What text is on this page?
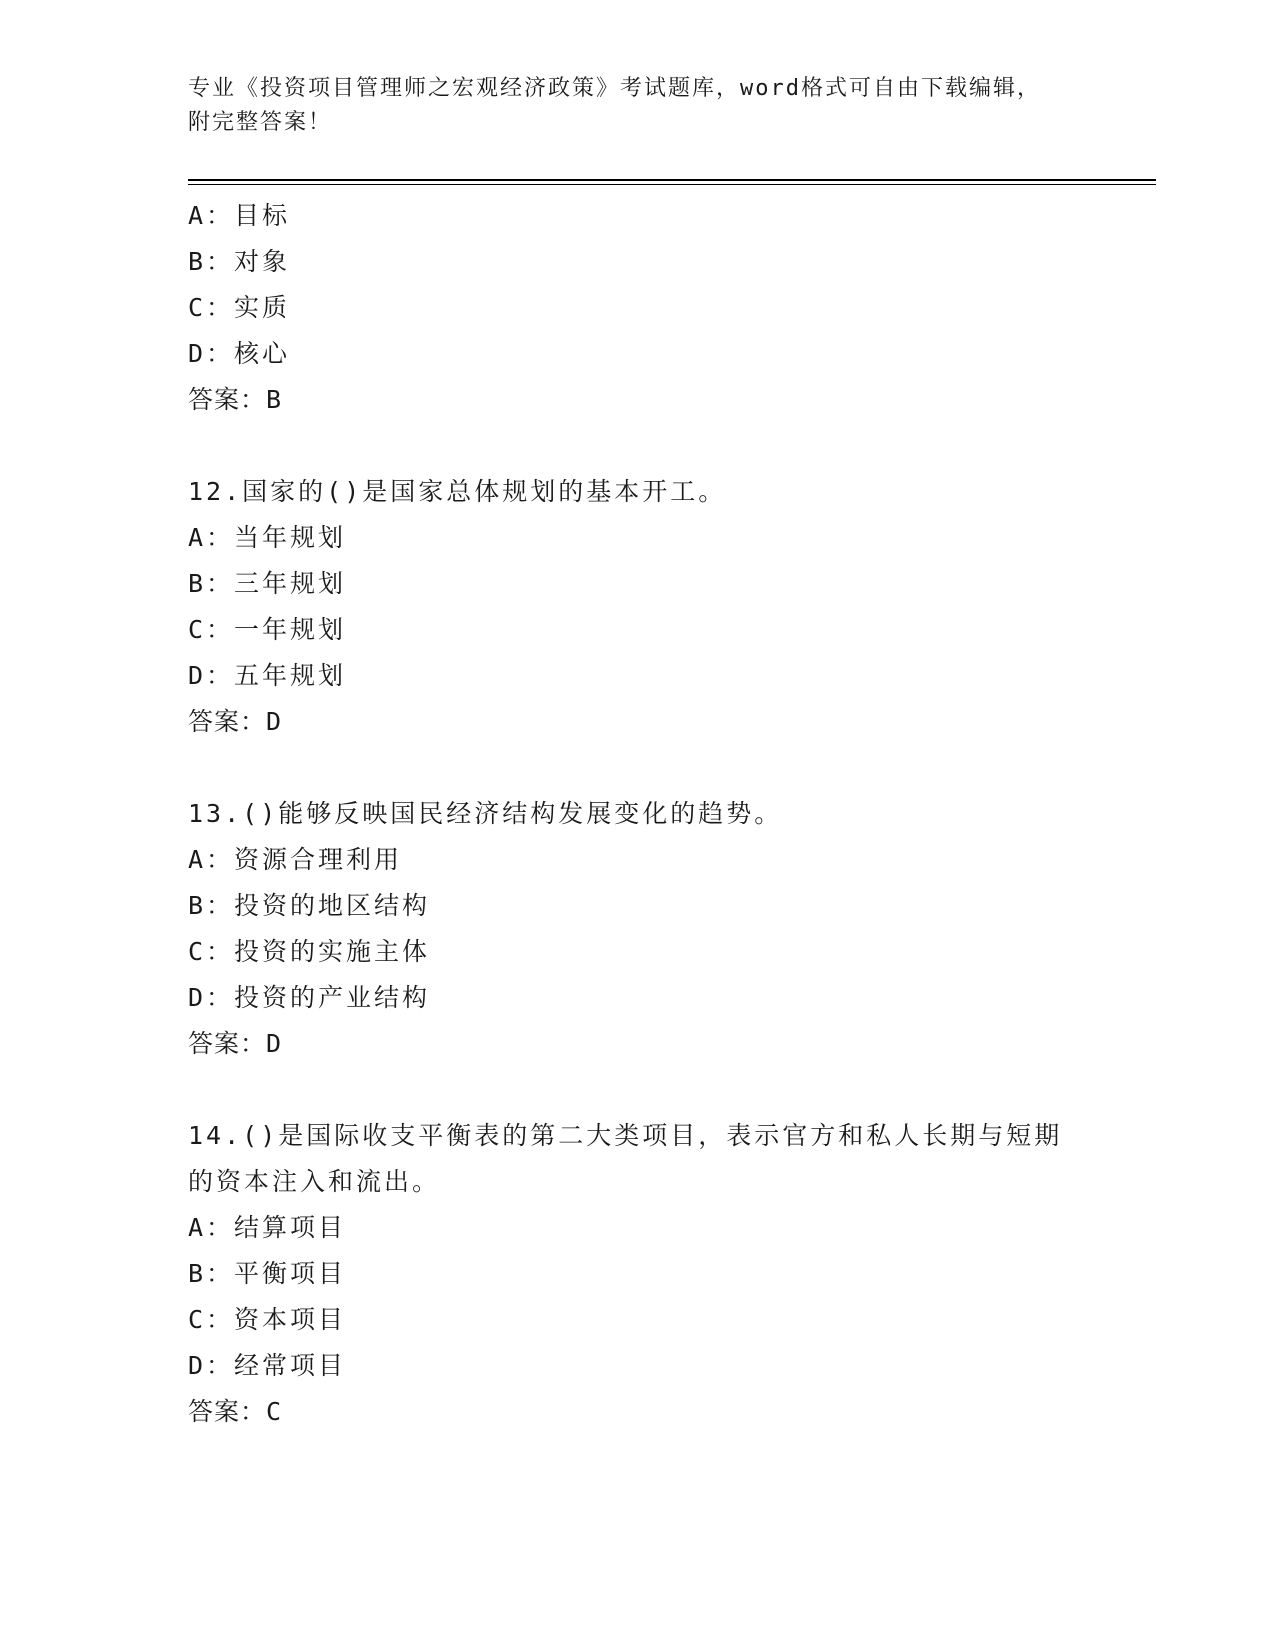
专业《投资项目管理师之宏观经济政策》考试题库，word格式可自由下载编辑，
附完整答案！
A：目标
B：对象
C：实质
D：核心
答案：B
12.国家的()是国家总体规划的基本开工。
A：当年规划
B：三年规划
C：一年规划
D：五年规划
答案：D
13.()能够反映国民经济结构发展变化的趋势。
A：资源合理利用
B：投资的地区结构
C：投资的实施主体
D：投资的产业结构
答案：D
14.()是国际收支平衡表的第二大类项目，表示官方和私人长期与短期
的资本注入和流出。
A：结算项目
B：平衡项目
C：资本项目
D：经常项目
答案：C
